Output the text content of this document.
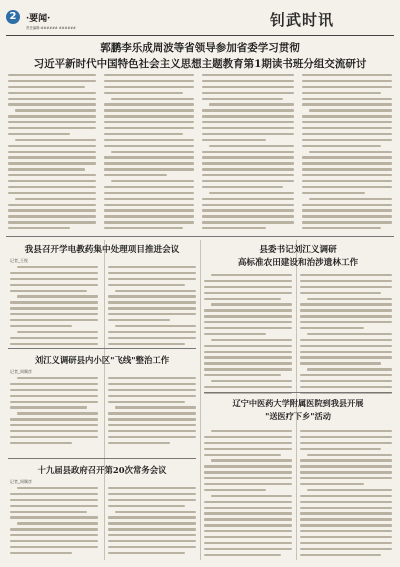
2	·要闻·
责任编辑:###### ######	钊武时讯
郭鹏李乐成周波等省领导参加省委学习贯彻
习近平新时代中国特色社会主义思想主题教育第1期读书班分组交流研讨
我县召开学电教药集中处理项目推进会议
记者_王悦
刘江义调研县内小区"飞线"整治工作
记者_周顺彦
十九届县政府召开第20次常务会议
记者_周顺彦
县委书记刘江义调研
高标准农田建设和治涉遗林工作
辽宁中医药大学附属医院到我县开展
"送医疗下乡"活动
